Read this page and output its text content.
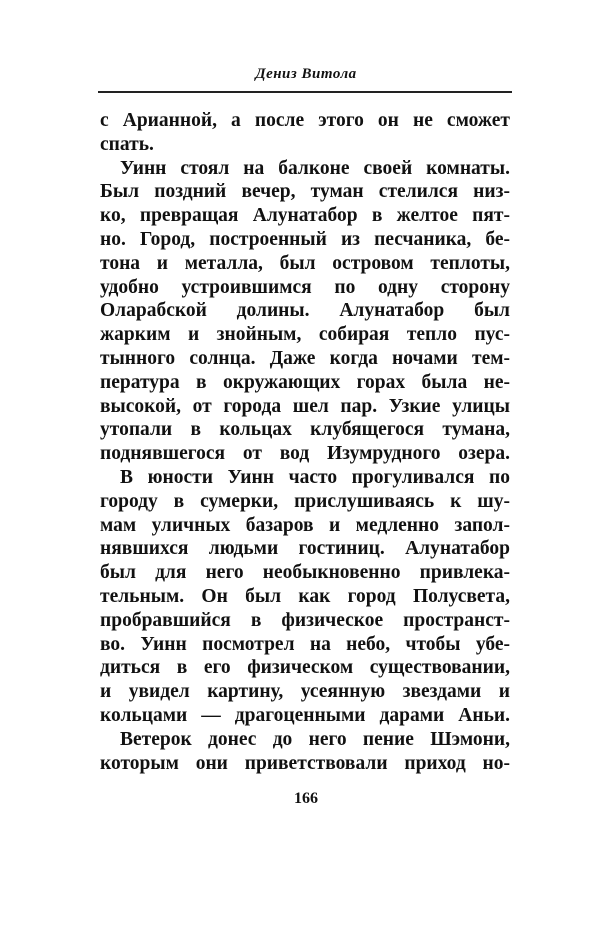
Дениз Витола
с Арианной, а после этого он не сможет
спать.
Уинн стоял на балконе своей комнаты.
Был поздний вечер, туман стелился низ-
ко, превращая Алунатабор в желтое пят-
но. Город, построенный из песчаника, бе-
тона и металла, был островом теплоты,
удобно устроившимся по одну сторону
Оларабской долины. Алунатабор был
жарким и знойным, собирая тепло пус-
тынного солнца. Даже когда ночами тем-
пература в окружающих горах была не-
высокой, от города шел пар. Узкие улицы
утопали в кольцах клубящегося тумана,
поднявшегося от вод Изумрудного озера.
В юности Уинн часто прогуливался по
городу в сумерки, прислушиваясь к шу-
мам уличных базаров и медленно запол-
нявшихся людьми гостиниц. Алунатабор
был для него необыкновенно привлека-
тельным. Он был как город Полусвета,
пробравшийся в физическое пространст-
во. Уинн посмотрел на небо, чтобы убе-
диться в его физическом существовании,
и увидел картину, усеянную звездами и
кольцами — драгоценными дарами Аньи.
Ветерок донес до него пение Шэмони,
которым они приветствовали приход но-
166
